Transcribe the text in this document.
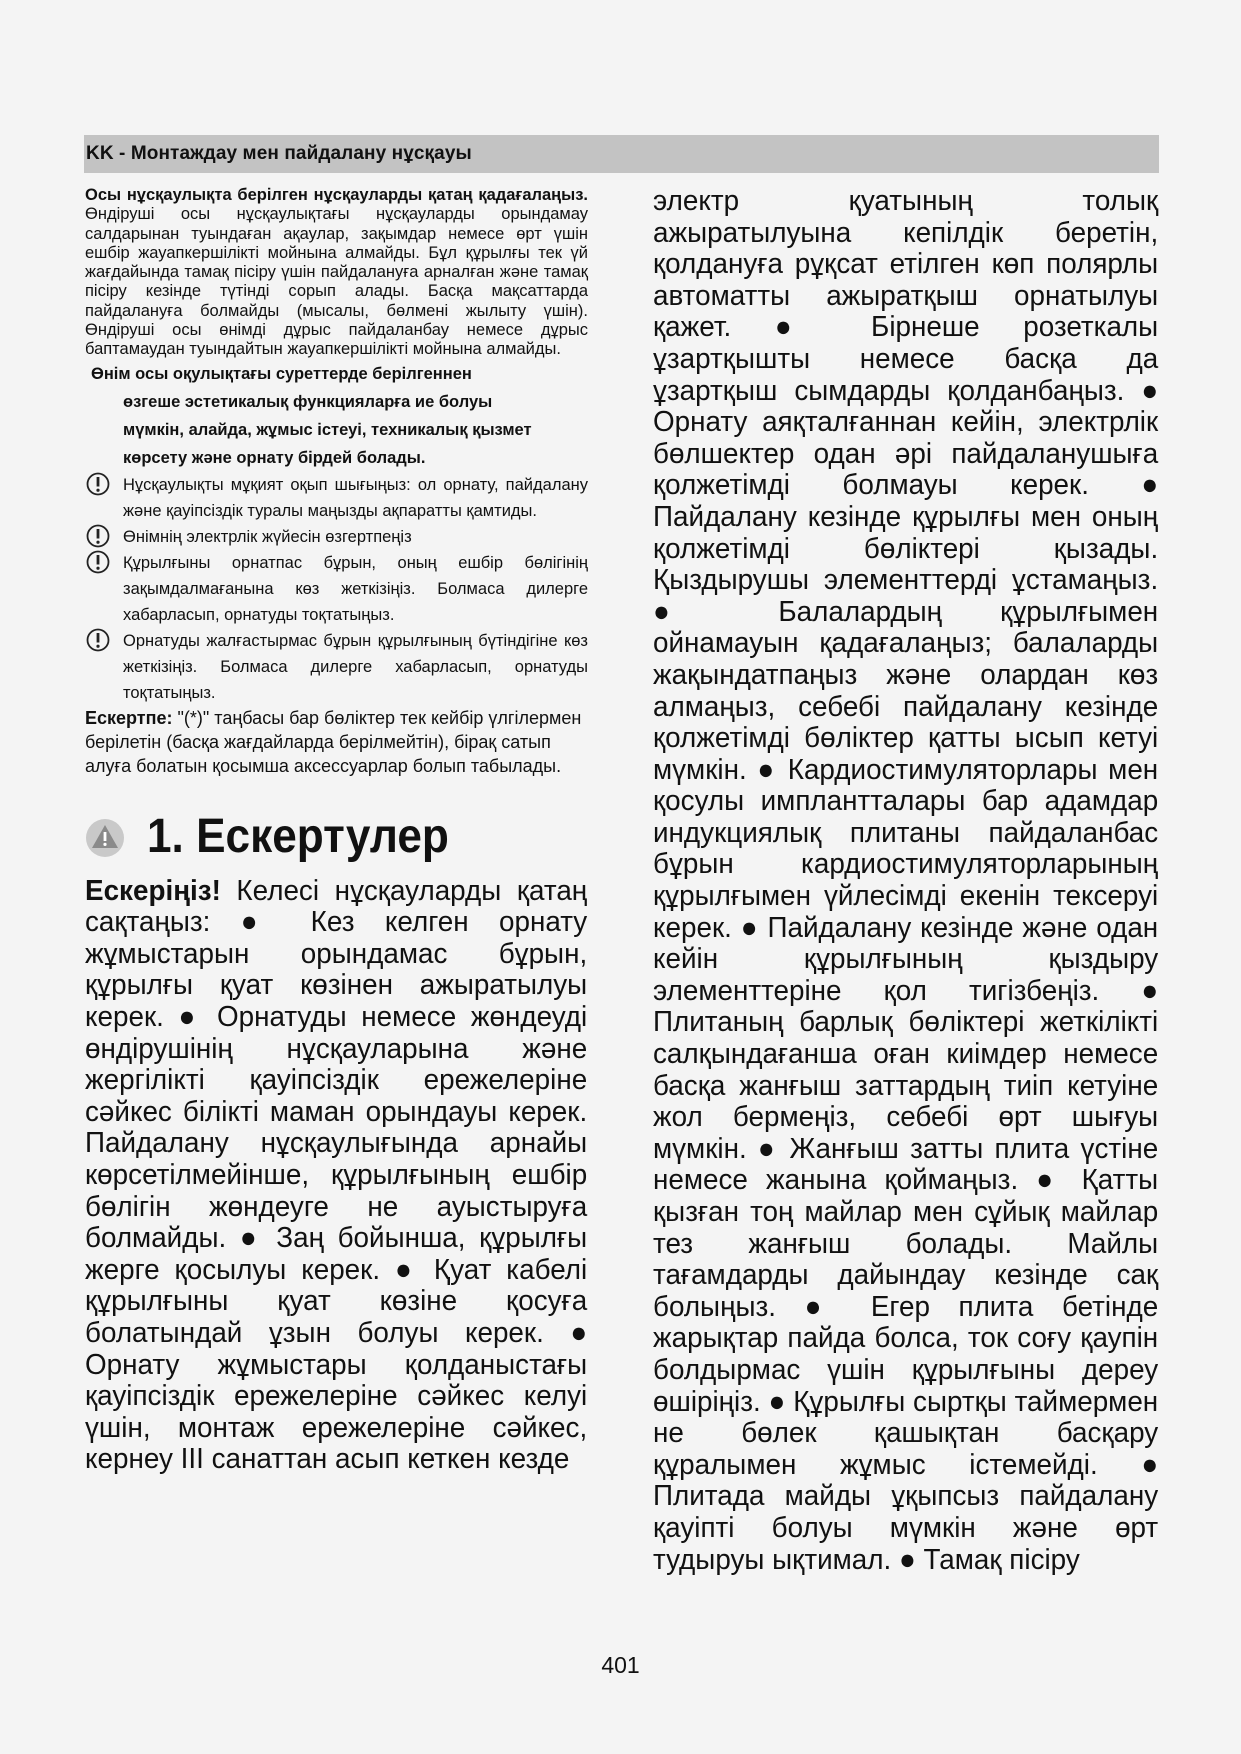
KK - Монтаждау мен пайдалану нұсқауы

Осы нұсқаулықта берілген нұсқауларды қатаң қадағалаңыз. Өндіруші осы нұсқаулықтағы нұсқауларды орындамау салдарынан туындаған ақаулар, зақымдар немесе өрт үшін ешбір жауапкершілікті мойнына алмайды. Бұл құрылғы тек үй жағдайында тамақ пісіру үшін пайдалануға арналған және тамақ пісіру кезінде түтінді сорып алады. Басқа мақсаттарда пайдалануға болмайды (мысалы, бөлмені жылыту үшін). Өндіруші осы өнімді дұрыс пайдаланбау немесе дұрыс баптамаудан туындайтын жауапкершілікті мойнына алмайды.

Өнім осы оқулықтағы суреттерде берілгеннен
өзгеше эстетикалық функцияларға ие болуы
мүмкін, алайда, жұмыс істеуі, техникалық қызмет
көрсету және орнату бірдей болады.

Нұсқаулықты мұқият оқып шығыңыз: ол орнату, пайдалану және қауіпсіздік туралы маңызды ақпаратты қамтиды.

Өнімнің электрлік жүйесін өзгертпеңіз

Құрылғыны орнатпас бұрын, оның ешбір бөлігінің зақымдалмағанына көз жеткізіңіз. Болмаса дилерге хабарласып, орнатуды тоқтатыңыз.

Орнатуды жалғастырмас бұрын құрылғының бүтіндігіне көз жеткізіңіз. Болмаса дилерге хабарласып, орнатуды тоқтатыңыз.

Ескертпе: "(*)" таңбасы бар бөліктер тек кейбір үлгілермен берілетін (басқа жағдайларда берілмейтін), бірақ сатып алуға болатын қосымша аксессуарлар болып табылады.

1. Ескертулер

Ескеріңіз! Келесі нұсқауларды қатаң сақтаңыз: ● Кез келген орнату жұмыстарын орындамас бұрын, құрылғы қуат көзінен ажыратылуы керек. ● Орнатуды немесе жөндеуді өндірушінің нұсқауларына және жергілікті қауіпсіздік ережелеріне сәйкес білікті маман орындауы керек. Пайдалану нұсқаулығында арнайы көрсетілмейінше, құрылғының ешбір бөлігін жөндеуге не ауыстыруға болмайды. ● Заң бойынша, құрылғы жерге қосылуы керек. ● Қуат кабелі құрылғыны қуат көзіне қосуға болатындай ұзын болуы керек. ● Орнату жұмыстары қолданыстағы қауіпсіздік ережелеріне сәйкес келуі үшін, монтаж ережелеріне сәйкес, кернеу III санаттан асып кеткен кезде

электр қуатының толық ажыратылуына кепілдік беретін, қолдануға рұқсат етілген көп полярлы автоматты ажыратқыш орнатылуы қажет. ● Бірнеше розеткалы ұзартқышты немесе басқа да ұзартқыш сымдарды қолданбаңыз. ● Орнату аяқталғаннан кейін, электрлік бөлшектер одан әрі пайдаланушыға қолжетімді болмауы керек. ● Пайдалану кезінде құрылғы мен оның қолжетімді бөліктері қызады. Қыздырушы элементтерді ұстамаңыз. ● Балалардың құрылғымен ойнамауын қадағалаңыз; балаларды жақындатпаңыз және олардан көз алмаңыз, себебі пайдалану кезінде қолжетімді бөліктер қатты ысып кетуі мүмкін. ● Кардиостимуляторлары мен қосулы имплантталары бар адамдар индукциялық плитаны пайдаланбас бұрын кардиостимуляторларының құрылғымен үйлесімді екенін тексеруі керек. ● Пайдалану кезінде және одан кейін құрылғының қыздыру элементтеріне қол тигізбеңіз. ● Плитаның барлық бөліктері жеткілікті салқындағанша оған киімдер немесе басқа жанғыш заттардың тиіп кетуіне жол бермеңіз, себебі өрт шығуы мүмкін. ● Жанғыш затты плита үстіне немесе жанына қоймаңыз. ● Қатты қызған тоң майлар мен сұйық майлар тез жанғыш болады. Майлы тағамдарды дайындау кезінде сақ болыңыз. ● Егер плита бетінде жарықтар пайда болса, ток соғу қаупін болдырмас үшін құрылғыны дереу өшіріңіз. ● Құрылғы сыртқы таймермен не бөлек қашықтан басқару құралымен жұмыс істемейді. ● Плитада майды ұқыпсыз пайдалану қауіпті болуы мүмкін және өрт тудыруы ықтимал. ● Тамақ пісіру

401
